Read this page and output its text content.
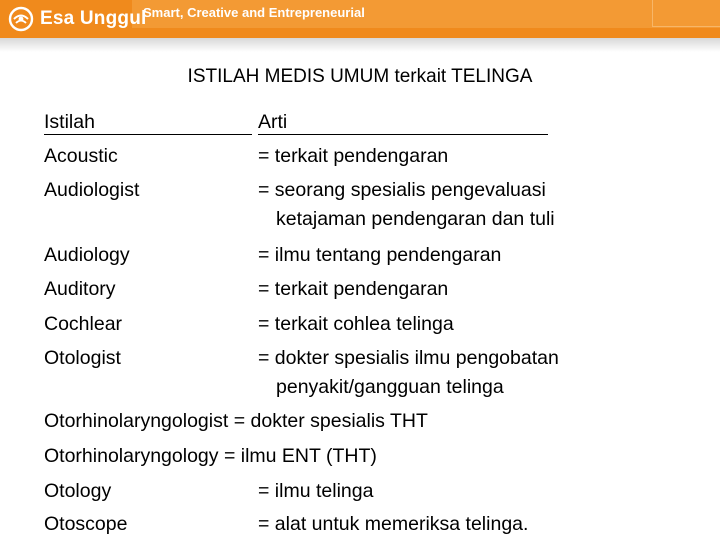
Esa Unggul
Smart, Creative and Entrepreneurial
ISTILAH MEDIS UMUM terkait TELINGA
Istilah	Arti
Acoustic	= terkait pendengaran
Audiologist	= seorang spesialis pengevaluasi
ketajaman pendengaran dan tuli
Audiology	= ilmu tentang pendengaran
Auditory	= terkait pendengaran
Cochlear	= terkait cohlea telinga
Otologist	= dokter spesialis ilmu pengobatan
penyakit/gangguan telinga
Otorhinolaryngologist = dokter spesialis THT
Otorhinolaryngology = ilmu ENT (THT)
Otology	= ilmu telinga
Otoscope	= alat untuk memeriksa telinga.
